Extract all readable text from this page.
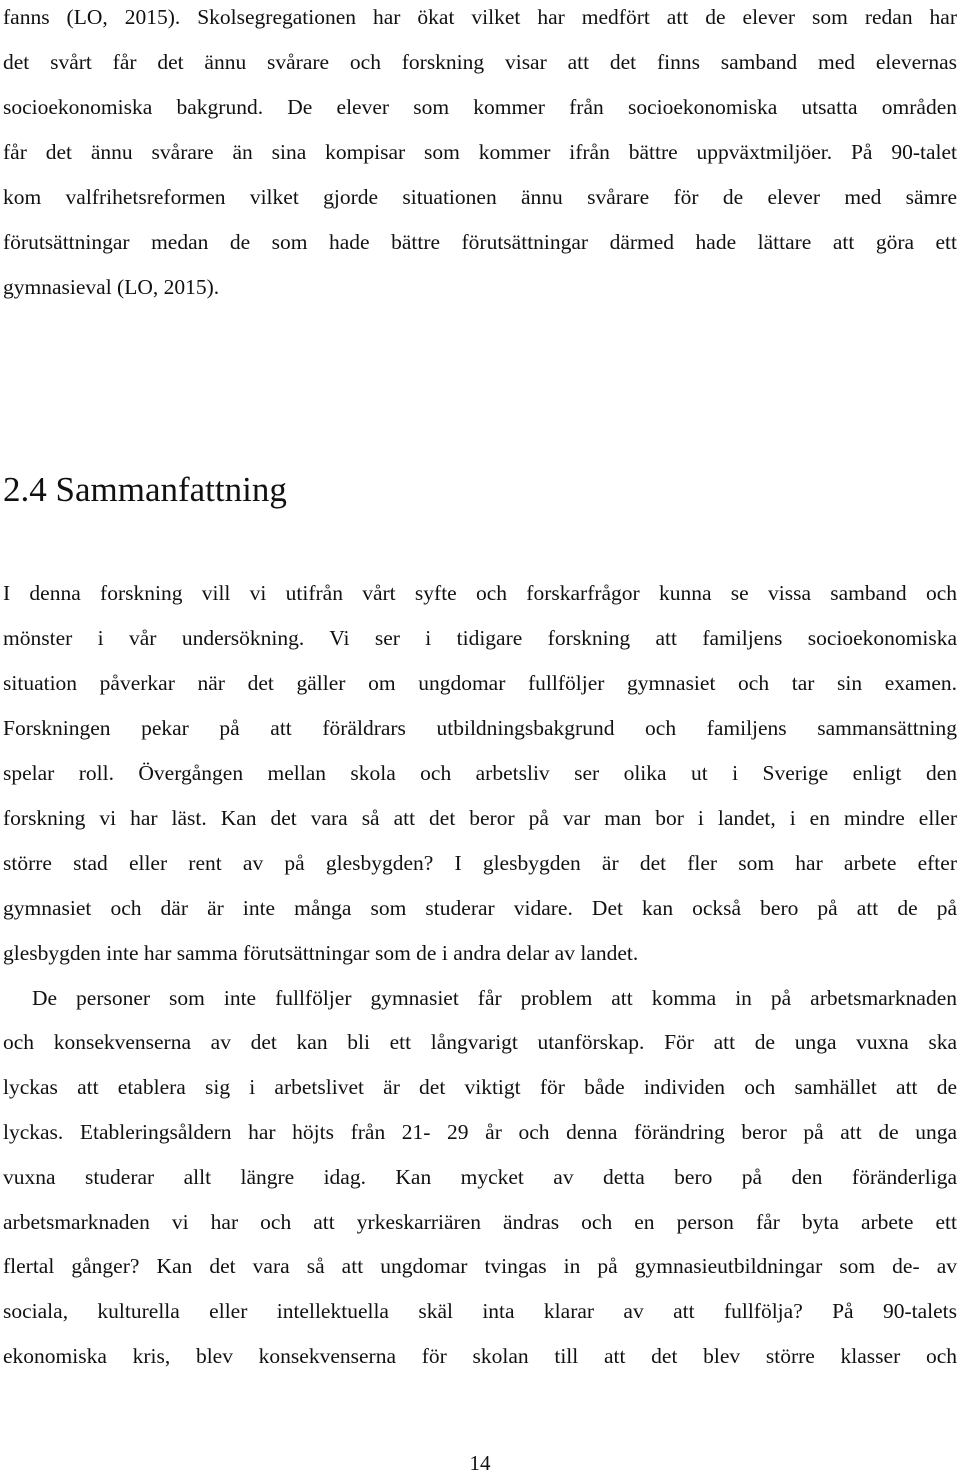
fanns (LO, 2015). Skolsegregationen har ökat vilket har medfört att de elever som redan har
det svårt får det ännu svårare och forskning visar att det finns samband med elevernas
socioekonomiska bakgrund. De elever som kommer från socioekonomiska utsatta områden
får det ännu svårare än sina kompisar som kommer ifrån bättre uppväxtmiljöer. På 90-talet
kom valfrihetsreformen vilket gjorde situationen ännu svårare för de elever med sämre
förutsättningar medan de som hade bättre förutsättningar därmed hade lättare att göra ett
gymnasieval (LO, 2015).
2.4 Sammanfattning
I denna forskning vill vi utifrån vårt syfte och forskarfrågor kunna se vissa samband och
mönster i vår undersökning. Vi ser i tidigare forskning att familjens socioekonomiska
situation påverkar när det gäller om ungdomar fullföljer gymnasiet och tar sin examen.
Forskningen pekar på att föräldrars utbildningsbakgrund och familjens sammansättning
spelar roll. Övergången mellan skola och arbetsliv ser olika ut i Sverige enligt den
forskning vi har läst. Kan det vara så att det beror på var man bor i landet, i en mindre eller
större stad eller rent av på glesbygden? I glesbygden är det fler som har arbete efter
gymnasiet och där är inte många som studerar vidare. Det kan också bero på att de på
glesbygden inte har samma förutsättningar som de i andra delar av landet.
De personer som inte fullföljer gymnasiet får problem att komma in på arbetsmarknaden
och konsekvenserna av det kan bli ett långvarigt utanförskap. För att de unga vuxna ska
lyckas att etablera sig i arbetslivet är det viktigt för både individen och samhället att de
lyckas. Etableringsåldern har höjts från 21- 29 år och denna förändring beror på att de unga
vuxna studerar allt längre idag. Kan mycket av detta bero på den föränderliga
arbetsmarknaden vi har och att yrkeskarriären ändras och en person får byta arbete ett
flertal gånger? Kan det vara så att ungdomar tvingas in på gymnasieutbildningar som de- av
sociala, kulturella eller intellektuella skäl inta klarar av att fullfölja? På 90-talets
ekonomiska kris, blev konsekvenserna för skolan till att det blev större klasser och
14
